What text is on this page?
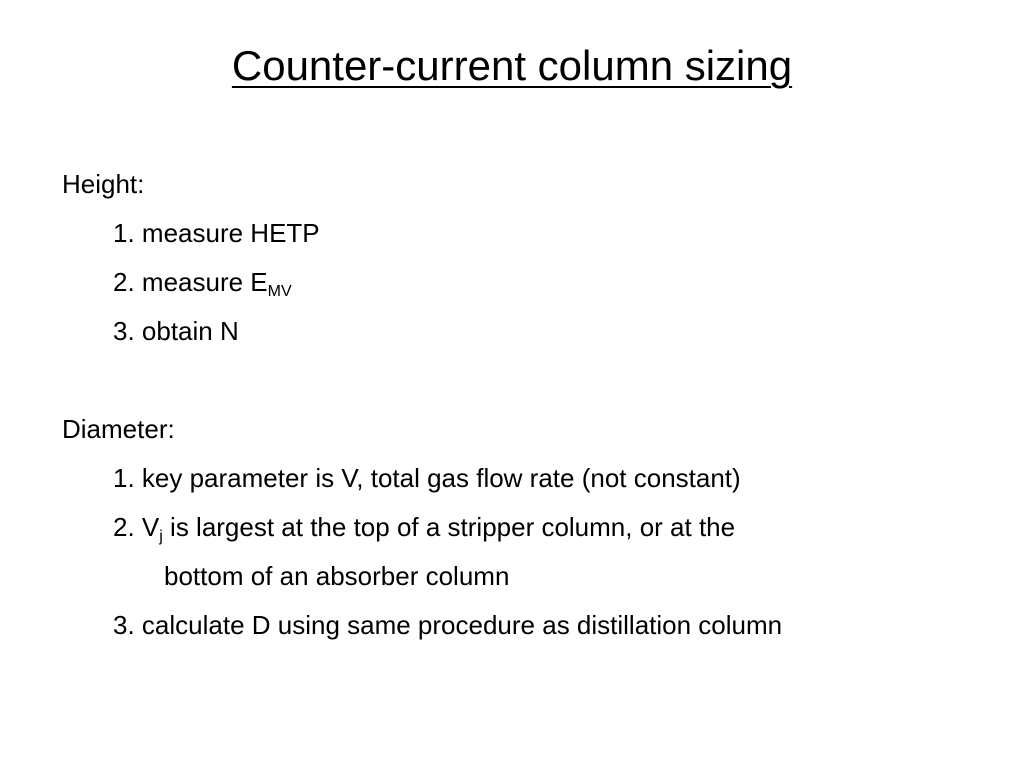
Counter-current column sizing
Height:
1. measure HETP
2. measure $E_{MV}$
3. obtain N
Diameter:
1. key parameter is V, total gas flow rate (not constant)
2. $V_j$ is largest at the top of a stripper column, or at the
bottom of an absorber column
3. calculate D using same procedure as distillation column
